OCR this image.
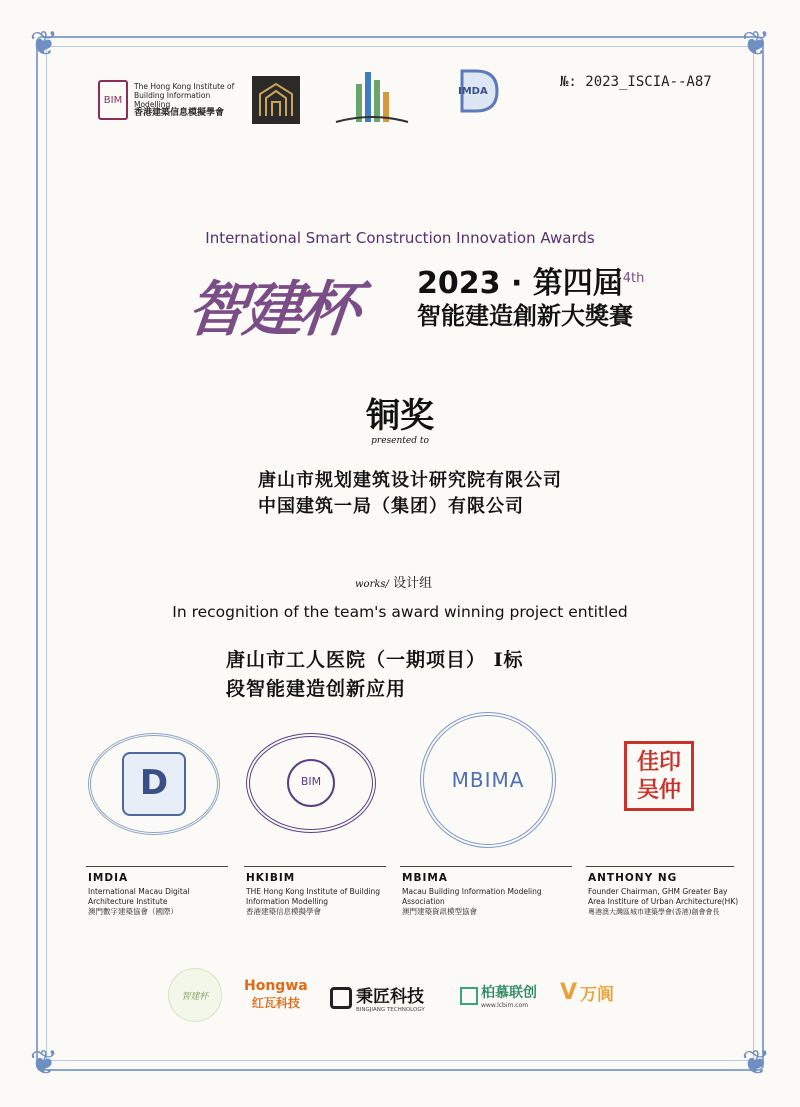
❦	❦
❦	❦
BIM
The Hong Kong Institute of Building Information Modelling
香港建築信息模擬學會
IMDA
№: 2023_ISCIA--A87
International Smart Construction Innovation Awards
智建杯 2023 · 第四屆$^{4th}$
智能建造創新大獎賽
铜奖
presented to
唐山市规划建筑设计研究院有限公司
中国建筑一局（集团）有限公司
works/ 设计组
In recognition of the team's award winning project entitled
唐山市工人医院（一期项目） Ⅰ标
段智能建造创新应用
D	BIM	MBIMA
佳印 吴仲
IMDIA
International Macau Digital
Architecture Institute
澳門數字建築協會（國際）
HKIBIM
THE Hong Kong Institute of Building
Information Modelling
香港建築信息模擬學會
MBIMA
Macau Building Information Modeling Association
澳門建築資訊模型協會
ANTHONY NG
Founder Chairman, GHM Greater Bay
Area Institure of Urban Architecture(HK)
粵港澳大灣區城市建築學會(香港)創會會長
智建杯
Hongwa
红瓦科技	秉匠科技
BINGJIANG TECHNOLOGY
柏慕联创
www.lcbim.com
V 万阆
